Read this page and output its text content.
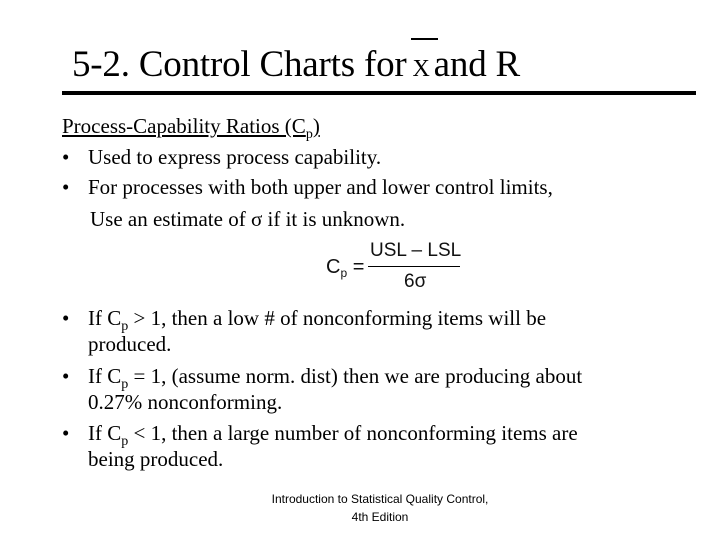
5-2. Control Charts for X and R
Process-Capability Ratios $(C_p)$
• Used to express process capability.
• For processes with both upper and lower control limits,
Use an estimate of σ if it is unknown.
$C_p$ =
USL – LSL
6σ
• If $C_p > 1$, then a low # of nonconforming items will be
produced.
• If $C_p = 1$, (assume norm. dist) then we are producing about
0.27% nonconforming.
• If $C_p < 1$, then a large number of nonconforming items are
being produced.
Introduction to Statistical Quality Control,
4th Edition
